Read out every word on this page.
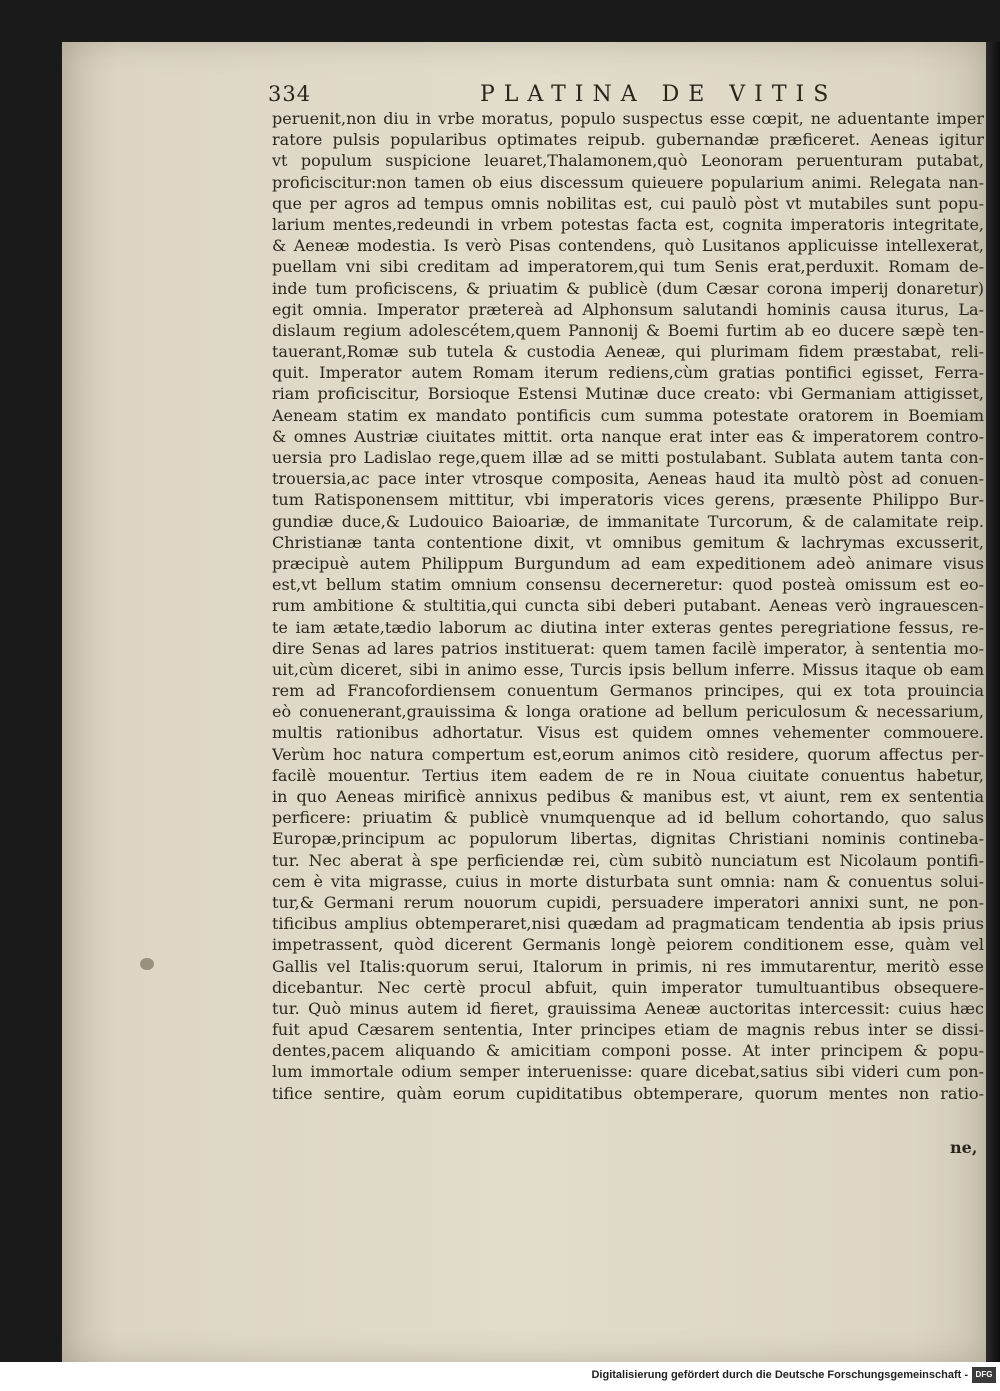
334	PLATINA DE VITIS
peruenit,non diu in vrbe moratus, populo suspectus esse cœpit, ne aduentante imper
ratore pulsis popularibus optimates reipub. gubernandæ præficeret. Aeneas igitur
vt populum suspicione leuaret,Thalamonem,quò Leonoram peruenturam putabat,
proficiscitur:non tamen ob eius discessum quieuere popularium animi. Relegata nan-
que per agros ad tempus omnis nobilitas est, cui paulò pòst vt mutabiles sunt popu-
larium mentes,redeundi in vrbem potestas facta est, cognita imperatoris integritate,
& Aeneæ modestia. Is verò Pisas contendens, quò Lusitanos applicuisse intellexerat,
puellam vni sibi creditam ad imperatorem,qui tum Senis erat,perduxit. Romam de-
inde tum proficiscens, & priuatim & publicè (dum Cæsar corona imperij donaretur)
egit omnia. Imperator prætereà ad Alphonsum salutandi hominis causa iturus, La-
dislaum regium adolescétem,quem Pannonij & Boemi furtim ab eo ducere sæpè ten-
tauerant,Romæ sub tutela & custodia Aeneæ, qui plurimam fidem præstabat, reli-
quit. Imperator autem Romam iterum rediens,cùm gratias pontifici egisset, Ferra-
riam proficiscitur, Borsioque Estensi Mutinæ duce creato: vbi Germaniam attigisset,
Aeneam statim ex mandato pontificis cum summa potestate oratorem in Boemiam
& omnes Austriæ ciuitates mittit. orta nanque erat inter eas & imperatorem contro-
uersia pro Ladislao rege,quem illæ ad se mitti postulabant. Sublata autem tanta con-
trouersia,ac pace inter vtrosque composita, Aeneas haud ita multò pòst ad conuen-
tum Ratisponensem mittitur, vbi imperatoris vices gerens, præsente Philippo Bur-
gundiæ duce,& Ludouico Baioariæ, de immanitate Turcorum, & de calamitate reip.
Christianæ tanta contentione dixit, vt omnibus gemitum & lachrymas excusserit,
præcipuè autem Philippum Burgundum ad eam expeditionem adeò animare visus
est,vt bellum statim omnium consensu decerneretur: quod posteà omissum est eo-
rum ambitione & stultitia,qui cuncta sibi deberi putabant. Aeneas verò ingrauescen-
te iam ætate,tædio laborum ac diutina inter exteras gentes peregriatione fessus, re-
dire Senas ad lares patrios instituerat: quem tamen facilè imperator, à sententia mo-
uit,cùm diceret, sibi in animo esse, Turcis ipsis bellum inferre. Missus itaque ob eam
rem ad Francofordiensem conuentum Germanos principes, qui ex tota prouincia
eò conuenerant,grauissima & longa oratione ad bellum periculosum & necessarium,
multis rationibus adhortatur. Visus est quidem omnes vehementer commouere.
Verùm hoc natura compertum est,eorum animos citò residere, quorum affectus per-
facilè mouentur. Tertius item eadem de re in Noua ciuitate conuentus habetur,
in quo Aeneas mirificè annixus pedibus & manibus est, vt aiunt, rem ex sententia
perficere: priuatim & publicè vnumquenque ad id bellum cohortando, quo salus
Europæ,principum ac populorum libertas, dignitas Christiani nominis contineba-
tur. Nec aberat à spe perficiendæ rei, cùm subitò nunciatum est Nicolaum pontifi-
cem è vita migrasse, cuius in morte disturbata sunt omnia: nam & conuentus solui-
tur,& Germani rerum nouorum cupidi, persuadere imperatori annixi sunt, ne pon-
tificibus amplius obtemperaret,nisi quædam ad pragmaticam tendentia ab ipsis prius
impetrassent, quòd dicerent Germanis longè peiorem conditionem esse, quàm vel
Gallis vel Italis:quorum serui, Italorum in primis, ni res immutarentur, meritò esse
dicebantur. Nec certè procul abfuit, quin imperator tumultuantibus obsequere-
tur. Quò minus autem id fieret, grauissima Aeneæ auctoritas intercessit: cuius hæc
fuit apud Cæsarem sententia, Inter principes etiam de magnis rebus inter se dissi-
dentes,pacem aliquando & amicitiam componi posse. At inter principem & popu-
lum immortale odium semper interuenisse: quare dicebat,satius sibi videri cum pon-
tifice sentire, quàm eorum cupiditatibus obtemperare, quorum mentes non ratio-
ne,
Digitalisierung gefördert durch die Deutsche Forschungsgemeinschaft - DFG
